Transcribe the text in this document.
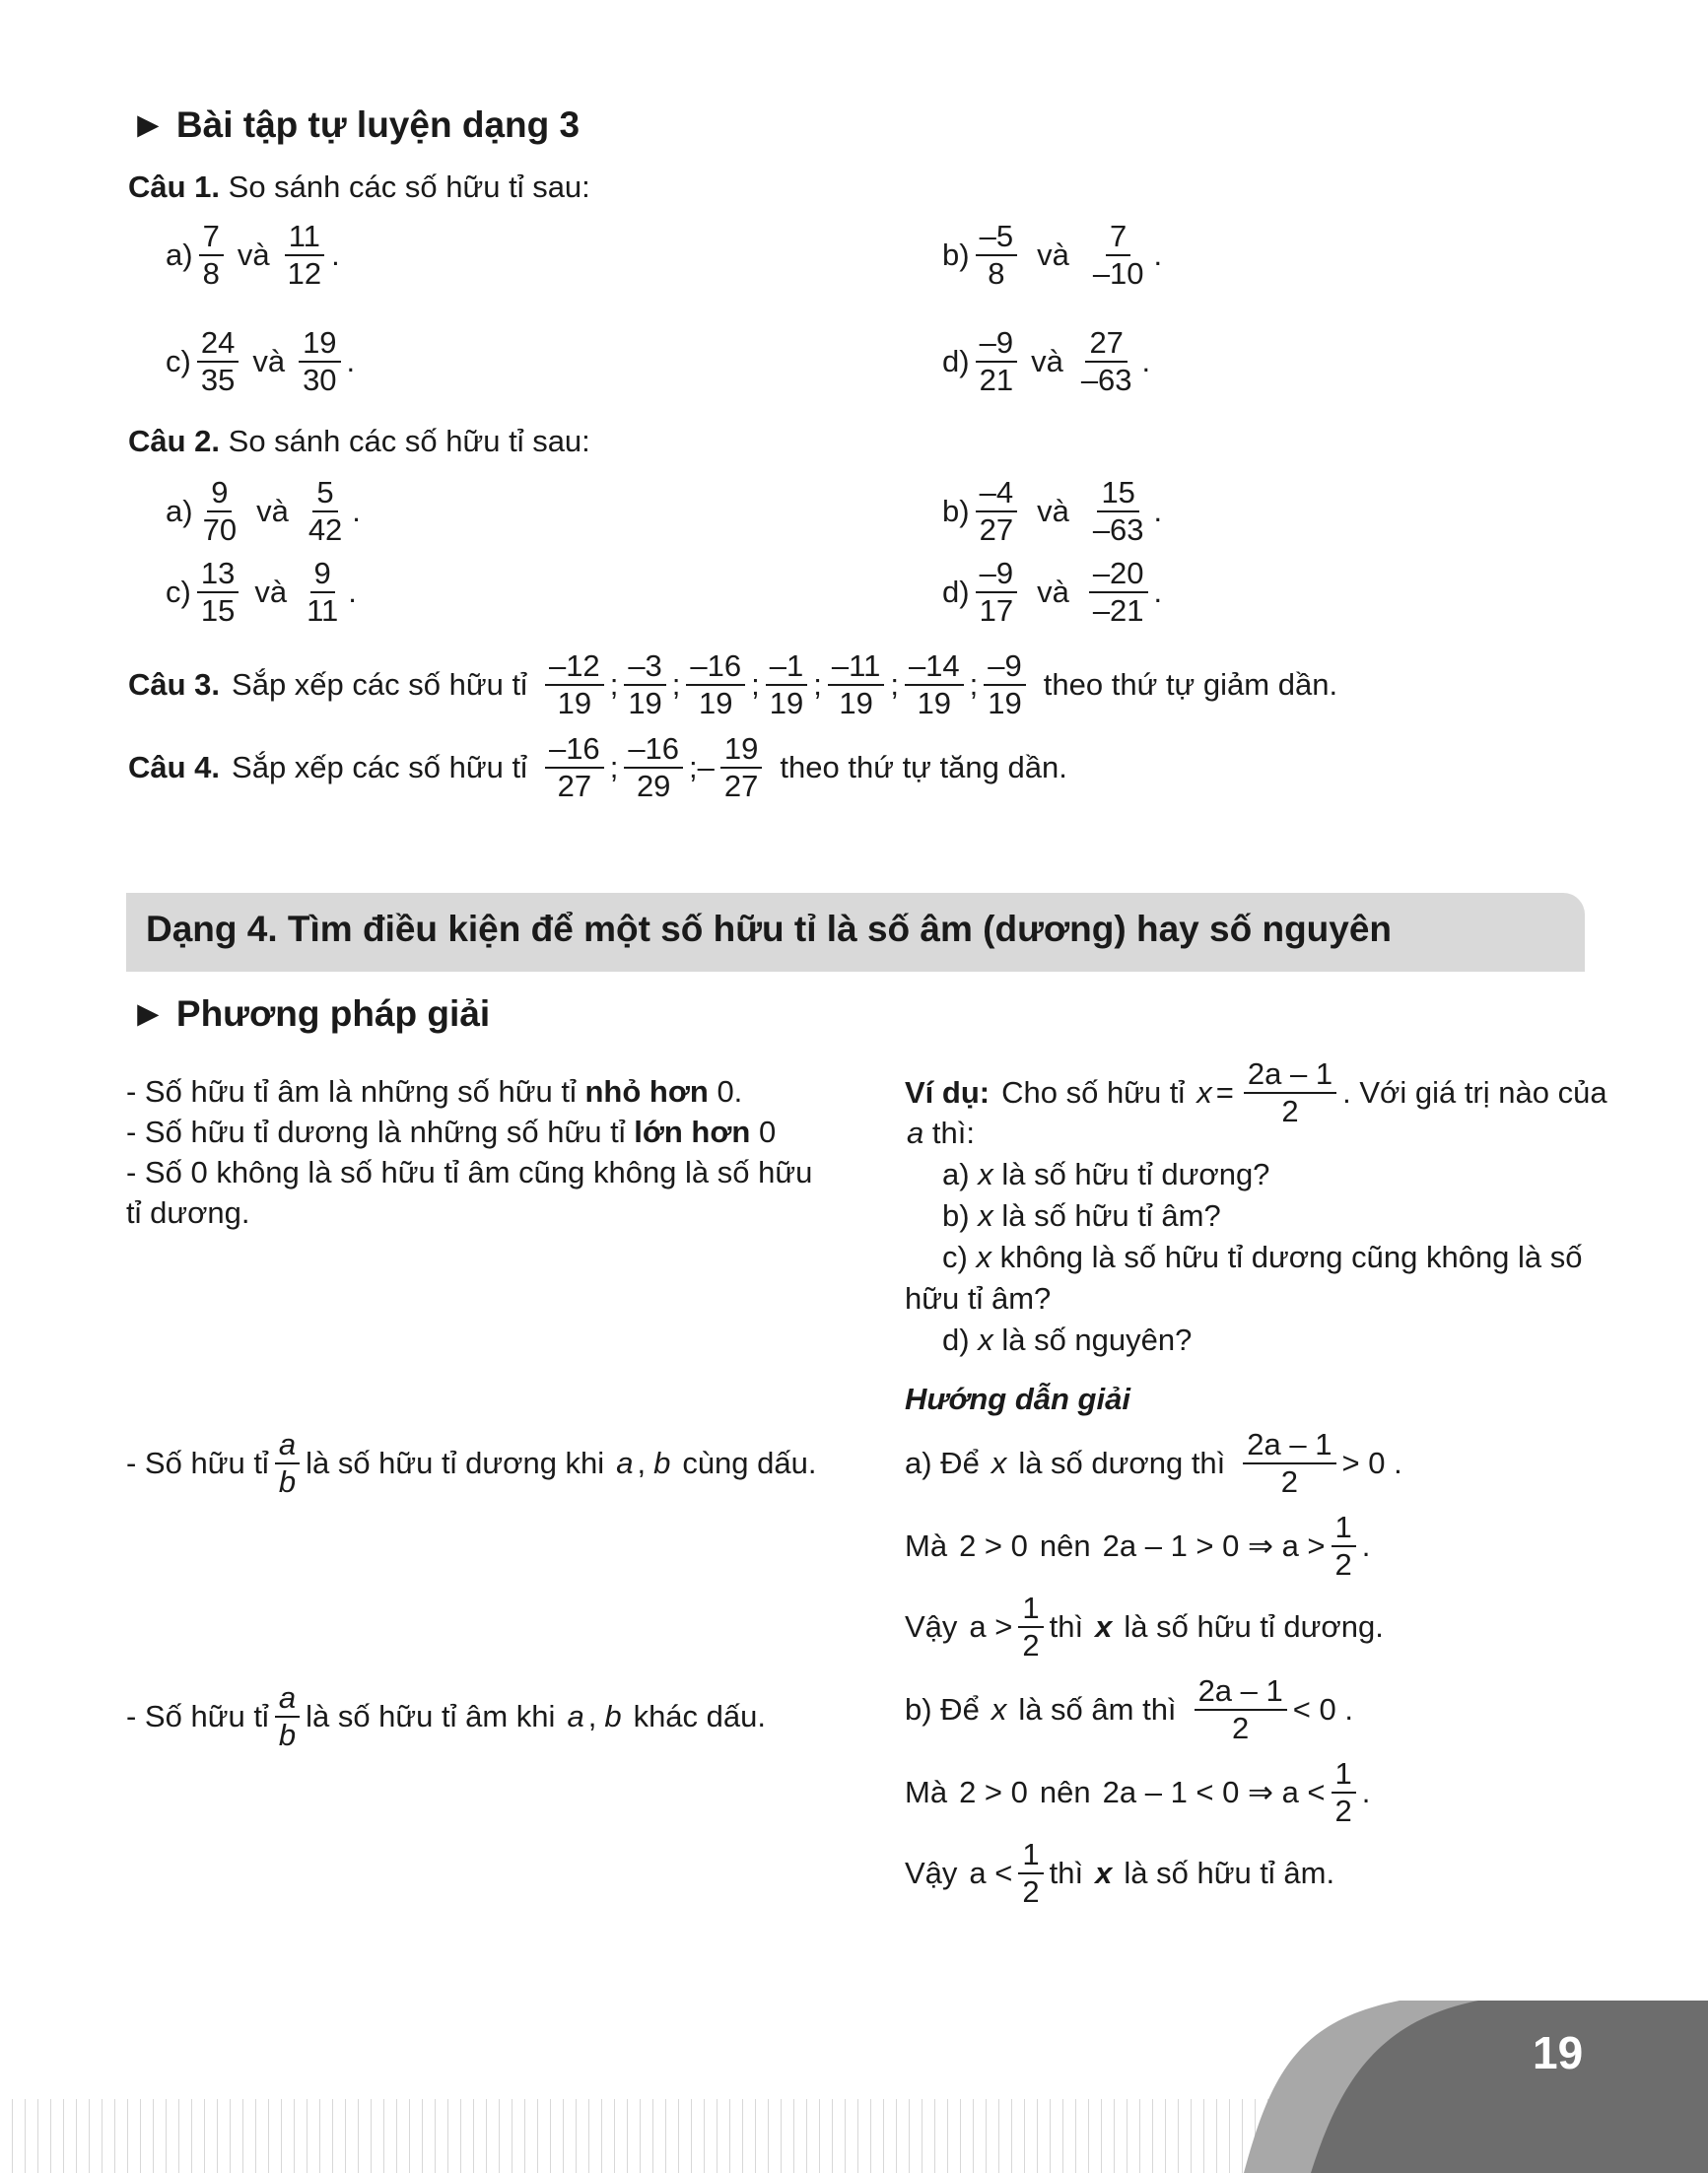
► Bài tập tự luyện dạng 3
Câu 1. So sánh các số hữu tỉ sau:
$a) \frac{7}{8}$ và $\frac{11}{12}$ .	$b) \frac{-5}{8}$ và $\frac{7}{-10}$ .
$c) \frac{24}{35}$ và $\frac{19}{30}$ .	$d) \frac{-9}{21}$ và $\frac{27}{-63}$ .
Câu 2. So sánh các số hữu tỉ sau:
$a) \frac{9}{70}$ và $\frac{5}{42}$ .	$b) \frac{-4}{27}$ và $\frac{15}{-63}$ .
$c) \frac{13}{15}$ và $\frac{9}{11}$ .	$d) \frac{-9}{17}$ và $\frac{-20}{-21}$ .
Câu 3. Sắp xếp các số hữu tỉ $\frac{-12}{19}$ ; $\frac{-3}{19}$ ; $\frac{-16}{19}$ ; $\frac{-1}{19}$ ; $\frac{-11}{19}$ ; $\frac{-14}{19}$ ; $\frac{-9}{19}$ theo thứ tự giảm dần.
Câu 4. Sắp xếp các số hữu tỉ $\frac{-16}{27}$ ; $\frac{-16}{29}$ ; – $\frac{19}{27}$ theo thứ tự tăng dần.
Dạng 4. Tìm điều kiện để một số hữu tỉ là số âm (dương) hay số nguyên
► Phương pháp giải
- Số hữu tỉ âm là những số hữu tỉ nhỏ hơn 0.
- Số hữu tỉ dương là những số hữu tỉ lớn hơn 0
- Số 0 không là số hữu tỉ âm cũng không là số hữu
tỉ dương.
- Số hữu tỉ $\frac{a}{b}$ là số hữu tỉ dương khi a , b cùng dấu.
- Số hữu tỉ $\frac{a}{b}$ là số hữu tỉ âm khi a , b khác dấu.
Ví dụ: Cho số hữu tỉ $x = \frac{2a - 1}{2}$ . Với giá trị nào của
a thì:
a) x là số hữu tỉ dương?
b) x là số hữu tỉ âm?
c) x không là số hữu tỉ dương cũng không là số
hữu tỉ âm?
d) x là số nguyên?
Hướng dẫn giải
a) Để x là số dương thì $\frac{2a - 1}{2} > 0$ .
Mà 2 > 0 nên 2a – 1 > 0 ⇒ $a > \frac{1}{2}$ .
Vậy $a > \frac{1}{2}$ thì x là số hữu tỉ dương.
b) Để x là số âm thì $\frac{2a - 1}{2} < 0$ .
Mà 2 > 0 nên 2a – 1 < 0 ⇒ $a < \frac{1}{2}$ .
Vậy $a < \frac{1}{2}$ thì x là số hữu tỉ âm.
19
